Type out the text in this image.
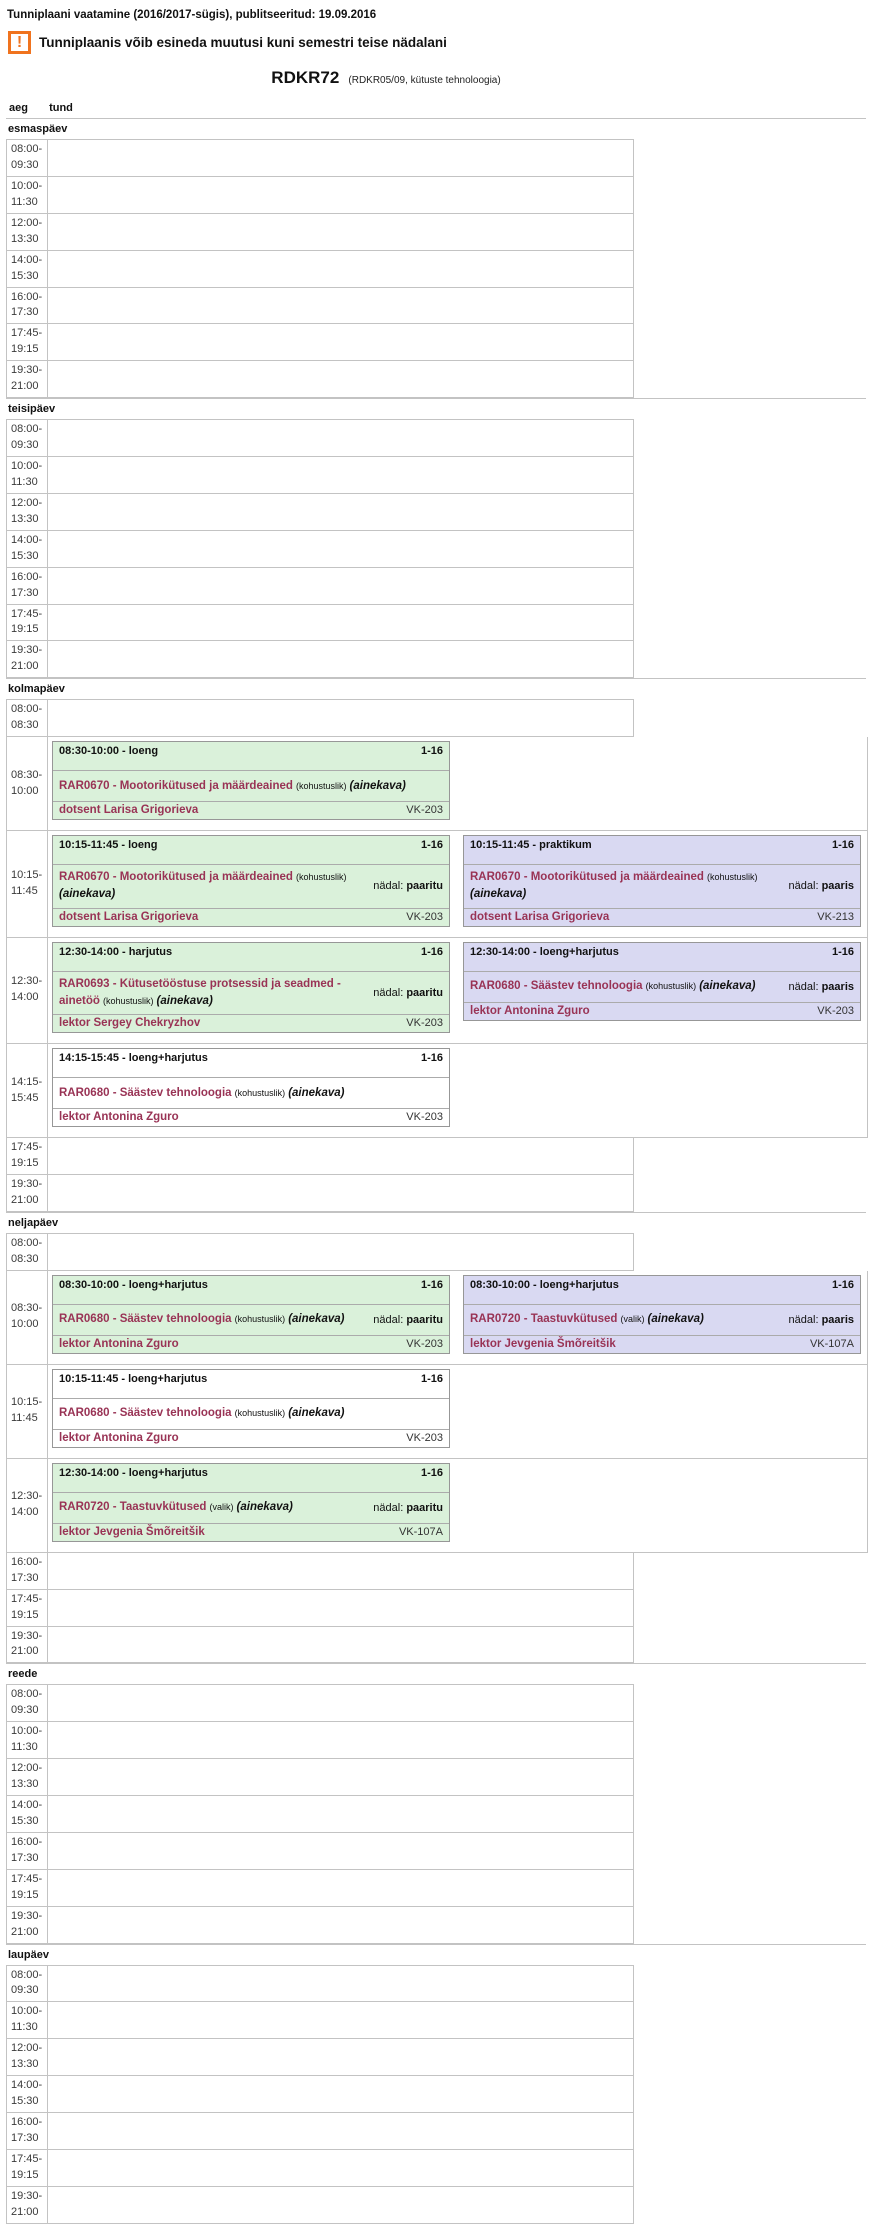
Tunniplaani vaatamine (2016/2017-sügis), publitseeritud: 19.09.2016
!	Tunniplaanis võib esineda muutusi kuni semestri teise nädalani
RDKR72 (RDKR05/09, kütuste tehnoloogia)
aeg tund
esmaspäev
08:00-
09:30
10:00-
11:30
12:00-
13:30
14:00-
15:30
16:00-
17:30
17:45-
19:15
19:30-
21:00
teisipäev
08:00-
09:30
10:00-
11:30
12:00-
13:30
14:00-
15:30
16:00-
17:30
17:45-
19:15
19:30-
21:00
kolmapäev
08:00-
08:30
08:30-
10:00
08:30-10:00 - loeng	1-16
RAR0670 - Mootorikütused ja määrdeained (kohustuslik) (ainekava)
dotsent Larisa Grigorieva	VK-203
10:15-
11:45
10:15-11:45 - loeng	1-16
RAR0670 - Mootorikütused ja määrdeained (kohustuslik) (ainekava)
nädal: paaritu
dotsent Larisa Grigorieva	VK-203
10:15-11:45 - praktikum	1-16
RAR0670 - Mootorikütused ja määrdeained (kohustuslik) (ainekava)
nädal: paaris
dotsent Larisa Grigorieva	VK-213
12:30-
14:00
12:30-14:00 - harjutus	1-16
RAR0693 - Kütusetööstuse protsessid ja seadmed - ainetöö (kohustuslik) (ainekava)
nädal: paaritu
lektor Sergey Chekryzhov	VK-203
12:30-14:00 - loeng+harjutus	1-16
RAR0680 - Säästev tehnoloogia (kohustuslik) (ainekava)	nädal: paaris
lektor Antonina Zguro	VK-203
14:15-
15:45
14:15-15:45 - loeng+harjutus	1-16
RAR0680 - Säästev tehnoloogia (kohustuslik) (ainekava)
lektor Antonina Zguro	VK-203
17:45-
19:15
19:30-
21:00
neljapäev
08:00-
08:30
08:30-
10:00
08:30-10:00 - loeng+harjutus	1-16
RAR0680 - Säästev tehnoloogia (kohustuslik) (ainekava)	nädal: paaritu
lektor Antonina Zguro	VK-203
08:30-10:00 - loeng+harjutus	1-16
RAR0720 - Taastuvkütused (valik) (ainekava)	nädal: paaris
lektor Jevgenia Šmõreitšik	VK-107A
10:15-
11:45
10:15-11:45 - loeng+harjutus	1-16
RAR0680 - Säästev tehnoloogia (kohustuslik) (ainekava)
lektor Antonina Zguro	VK-203
12:30-
14:00
12:30-14:00 - loeng+harjutus	1-16
RAR0720 - Taastuvkütused (valik) (ainekava)	nädal: paaritu
lektor Jevgenia Šmõreitšik	VK-107A
16:00-
17:30
17:45-
19:15
19:30-
21:00
reede
08:00-
09:30
10:00-
11:30
12:00-
13:30
14:00-
15:30
16:00-
17:30
17:45-
19:15
19:30-
21:00
laupäev
08:00-
09:30
10:00-
11:30
12:00-
13:30
14:00-
15:30
16:00-
17:30
17:45-
19:15
19:30-
21:00
